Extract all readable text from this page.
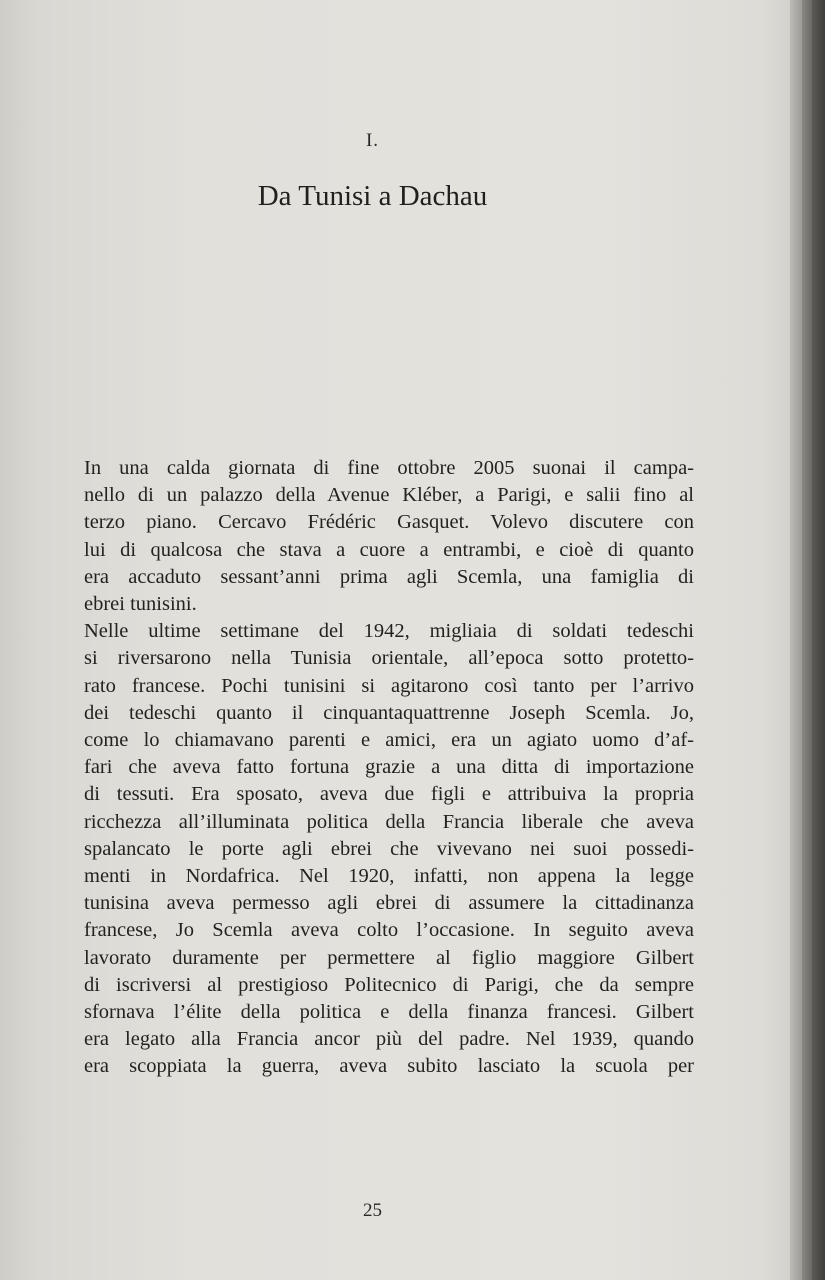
I.
Da Tunisi a Dachau

In una calda giornata di fine ottobre 2005 suonai il campa-
nello di un palazzo della Avenue Kléber, a Parigi, e salii fino al
terzo piano. Cercavo Frédéric Gasquet. Volevo discutere con
lui di qualcosa che stava a cuore a entrambi, e cioè di quanto
era accaduto sessant’anni prima agli Scemla, una famiglia di
ebrei tunisini.

Nelle ultime settimane del 1942, migliaia di soldati tedeschi
si riversarono nella Tunisia orientale, all’epoca sotto protetto-
rato francese. Pochi tunisini si agitarono così tanto per l’arrivo
dei tedeschi quanto il cinquantaquattrenne Joseph Scemla. Jo,
come lo chiamavano parenti e amici, era un agiato uomo d’af-
fari che aveva fatto fortuna grazie a una ditta di importazione
di tessuti. Era sposato, aveva due figli e attribuiva la propria
ricchezza all’illuminata politica della Francia liberale che aveva
spalancato le porte agli ebrei che vivevano nei suoi possedi-
menti in Nordafrica. Nel 1920, infatti, non appena la legge
tunisina aveva permesso agli ebrei di assumere la cittadinanza
francese, Jo Scemla aveva colto l’occasione. In seguito aveva
lavorato duramente per permettere al figlio maggiore Gilbert
di iscriversi al prestigioso Politecnico di Parigi, che da sempre
sfornava l’élite della politica e della finanza francesi. Gilbert
era legato alla Francia ancor più del padre. Nel 1939, quando
era scoppiata la guerra, aveva subito lasciato la scuola per

25
